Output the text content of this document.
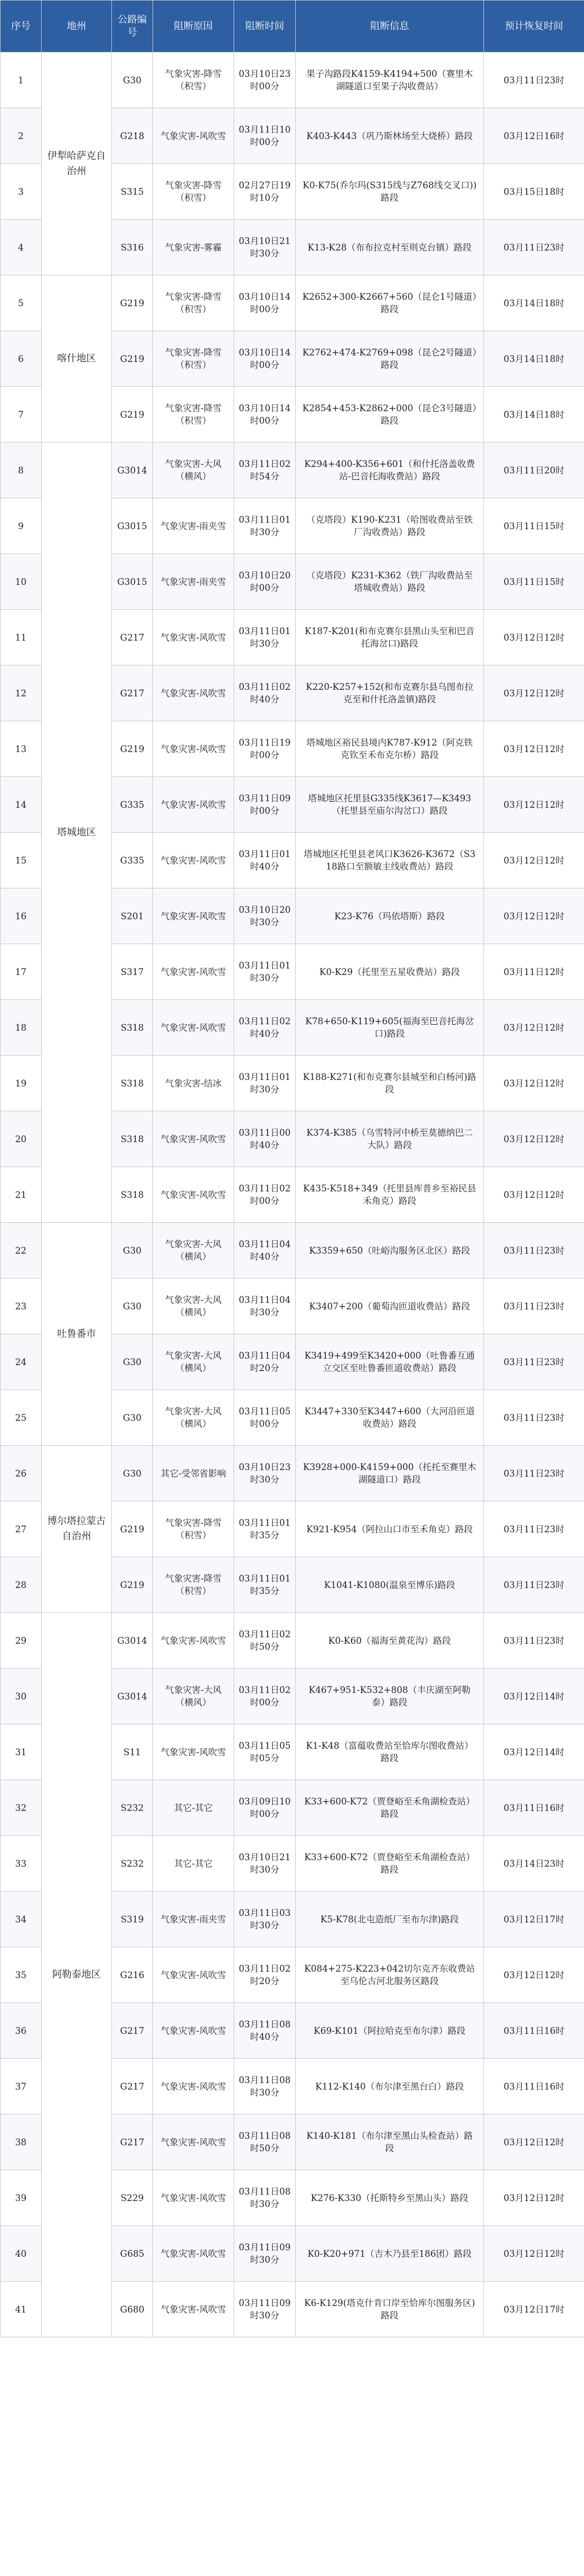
序号	地州	公路编号	阻断原因	阻断时间	阻断信息	预计恢复时间
1	伊犁哈萨克自治州	G30	气象灾害-降雪（积雪）	03月10日23时00分	果子沟路段K4159-K4194+500（赛里木湖隧道口至果子沟收费站）	03月11日23时
2		G218	气象灾害-风吹雪	03月11日10时00分	K403-K443（巩乃斯林场至大烧桥）路段	03月12日16时
3		S315	气象灾害-降雪（积雪）	02月27日19时10分	K0-K75(乔尔玛(S315线与Z768线交叉口))路段	03月15日18时
4		S316	气象灾害-雾霾	03月10日21时30分	K13-K28（布布拉克村至则克台镇）路段	03月11日23时
5	喀什地区	G219	气象灾害-降雪（积雪）	03月10日14时00分	K2652+300-K2667+560（昆仑1号隧道）路段	03月14日18时
6		G219	气象灾害-降雪（积雪）	03月10日14时00分	K2762+474-K2769+098（昆仑2号隧道）路段	03月14日18时
7		G219	气象灾害-降雪（积雪）	03月10日14时00分	K2854+453-K2862+000（昆仑3号隧道）路段	03月14日18时
8	塔城地区	G3014	气象灾害-大风（横风）	03月11日02时54分	K294+400-K356+601（和什托洛盖收费站-巴音托海收费站）路段	03月11日20时
9		G3015	气象灾害-雨夹雪	03月11日01时30分	（克塔段）K190-K231（哈图收费站至铁厂沟收费站）路段	03月11日15时
10		G3015	气象灾害-雨夹雪	03月10日20时00分	（克塔段）K231-K362（铁厂沟收费站至塔城收费站）路段	03月11日15时
11		G217	气象灾害-风吹雪	03月11日01时30分	K187-K201(和布克赛尔县黑山头至和巴音托海岔口)路段	03月12日12时
12		G217	气象灾害-风吹雪	03月11日02时40分	K220-K257+152(和布克赛尔县乌图布拉克至和什托洛盖镇)路段	03月12日12时
13		G219	气象灾害-风吹雪	03月11日19时00分	塔城地区裕民县境内K787-K912（阿克铁克钦至禾布克尔桥）路段	03月12日12时
14		G335	气象灾害-风吹雪	03月11日09时00分	塔城地区托里县G335线K3617—K3493（托里县至庙尔沟岔口）路段	03月12日12时
15		G335	气象灾害-风吹雪	03月11日01时40分	塔城地区托里县老风口K3626-K3672（S318路口至额敏主线收费站）路段	03月12日12时
16		S201	气象灾害-风吹雪	03月10日20时30分	K23-K76（玛依塔斯）路段	03月12日12时
17		S317	气象灾害-风吹雪	03月11日01时30分	K0-K29（托里至五星收费站）路段	03月11日12时
18		S318	气象灾害-风吹雪	03月11日02时40分	K78+650-K119+605(福海至巴音托海岔口)路段	03月12日12时
19		S318	气象灾害-结冰	03月11日01时30分	K188-K271(和布克赛尔县城至和白杨河)路段	03月12日12时
20		S318	气象灾害-风吹雪	03月11日00时40分	K374-K385（乌雪特河中桥至莫德纳巴二大队）路段	03月12日12时
21		S318	气象灾害-风吹雪	03月11日02时00分	K435-K518+349（托里县库普乡至裕民县禾角克）路段	03月12日12时
22	吐鲁番市	G30	气象灾害-大风（横风）	03月11日04时40分	K3359+650（吐峪沟服务区北区）路段	03月11日23时
23		G30	气象灾害-大风（横风）	03月11日04时30分	K3407+200（葡萄沟匝道收费站）路段	03月11日23时
24		G30	气象灾害-大风（横风）	03月11日04时20分	K3419+499至K3420+000（吐鲁番互通立交区至吐鲁番匝道收费站）路段	03月11日23时
25		G30	气象灾害-大风（横风）	03月11日05时00分	K3447+330至K3447+600（大河沿匝道收费站）路段	03月11日23时
26	博尔塔拉蒙古自治州	G30	其它-受邻省影响	03月10日23时30分	K3928+000-K4159+000（托托至赛里木湖隧道口）路段	03月11日23时
27		G219	气象灾害-降雪（积雪）	03月11日01时35分	K921-K954（阿拉山口市至禾角克）路段	03月11日23时
28		G219	气象灾害-降雪（积雪）	03月11日01时35分	K1041-K1080(温泉至博乐)路段	03月11日23时
29	阿勒泰地区	G3014	气象灾害-风吹雪	03月11日02时50分	K0-K60（福海至黄花沟）路段	03月11日23时
30		G3014	气象灾害-大风（横风）	03月11日02时00分	K467+951-K532+808（丰庆湖至阿勒泰）路段	03月12日14时
31		S11	气象灾害-风吹雪	03月11日05时05分	K1-K48（富蕴收费站至恰库尔图收费站）路段	03月12日14时
32		S232	其它-其它	03月09日10时00分	K33+600-K72（贾登峪至禾角湖检查站）路段	03月11日16时
33		S232	其它-其它	03月10日21时30分	K33+600-K72（贾登峪至禾角湖检查站）路段	03月14日23时
34		S319	气象灾害-雨夹雪	03月11日03时30分	K5-K78(北屯造纸厂至布尔津)路段	03月12日17时
35		G216	气象灾害-风吹雪	03月11日02时20分	K084+275-K223+042切尔克齐东收费站至乌伦古河北服务区路段	03月12日12时
36		G217	气象灾害-风吹雪	03月11日08时40分	K69-K101（阿拉哈克至布尔津）路段	03月11日16时
37		G217	气象灾害-风吹雪	03月11日08时30分	K112-K140（布尔津至黑台白）路段	03月11日16时
38		G217	气象灾害-风吹雪	03月11日08时50分	K140-K181（布尔津至黑山头检查站）路段	03月12日12时
39		S229	气象灾害-风吹雪	03月11日08时30分	K276-K330（托斯特乡至黑山头）路段	03月12日12时
40		G685	气象灾害-风吹雪	03月11日09时30分	K0-K20+971（吉木乃县至186团）路段	03月12日12时
41		G680	气象灾害-风吹雪	03月11日09时30分	K6-K129(塔克什肯口岸至恰库尔图服务区)路段	03月12日17时
